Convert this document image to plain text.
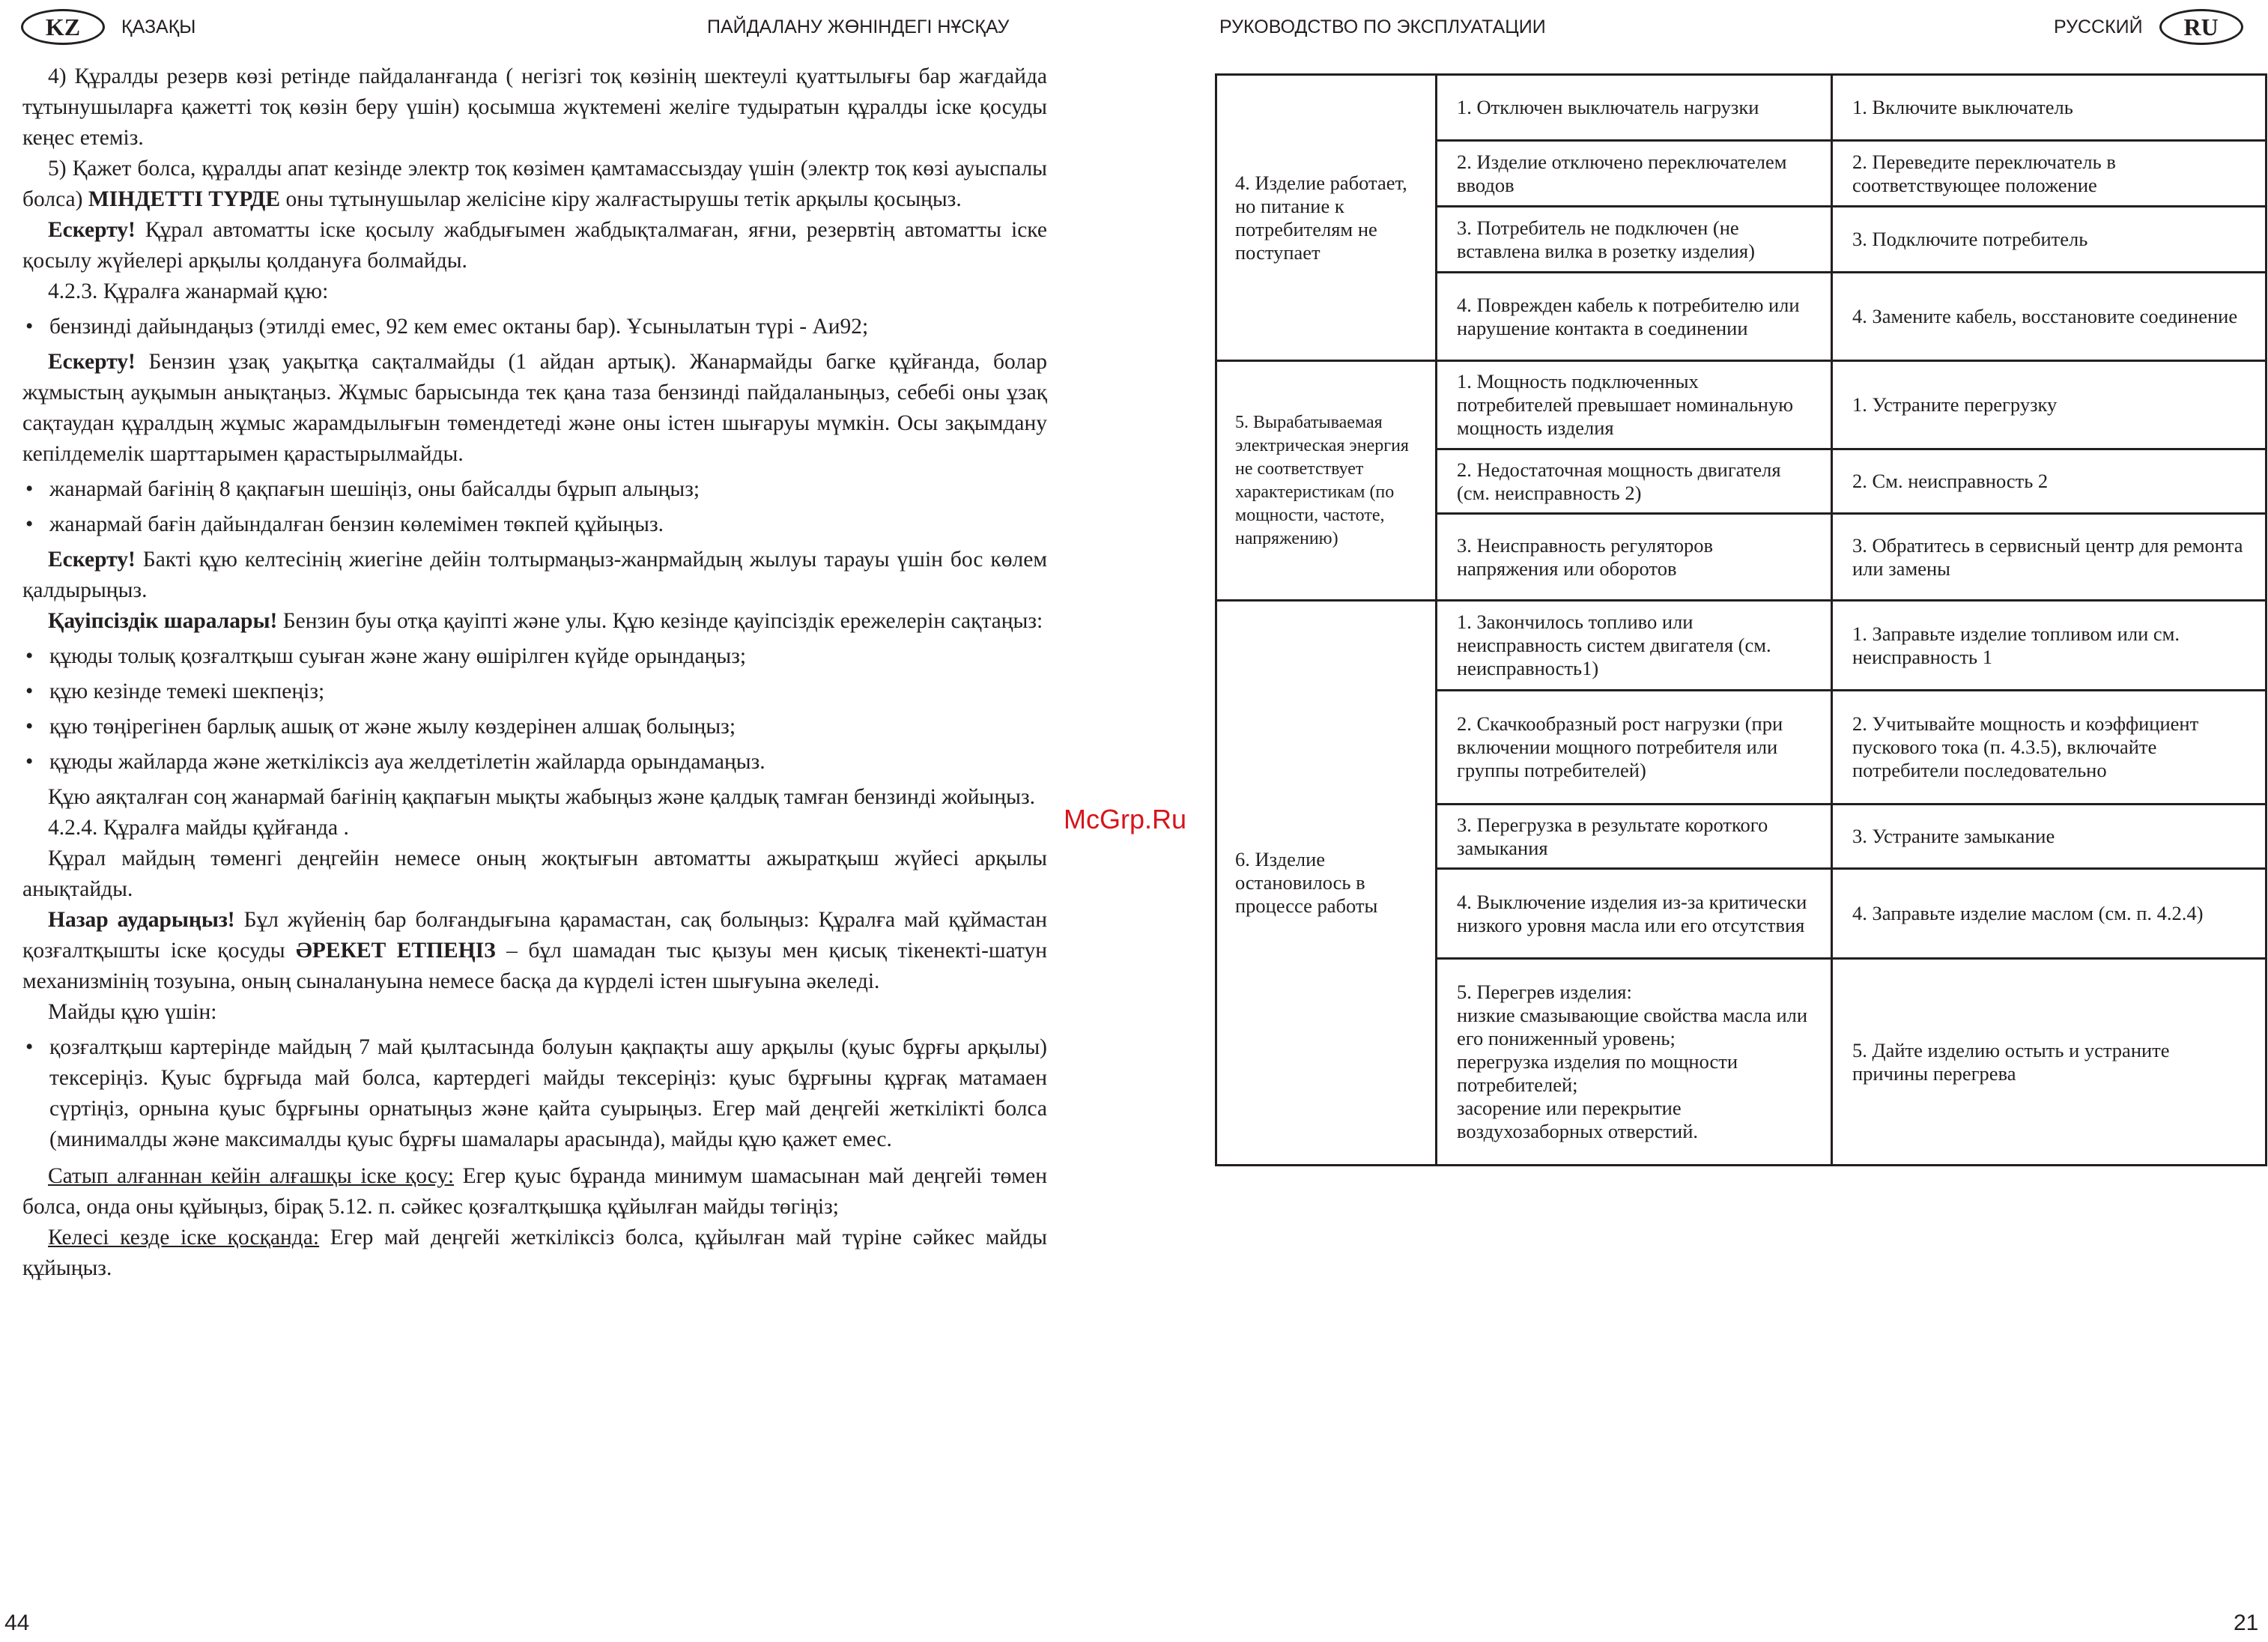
KZ	ҚАЗАҚЫ	ПАЙДАЛАНУ ЖӨНІНДЕГІ НҰСҚАУ	РУКОВОДСТВО ПО ЭКСПЛУАТАЦИИ	РУССКИЙ	RU

4) Құралды резерв көзі ретінде пайдаланғанда ( негізгі тоқ көзінің шектеулі қуаттылығы бар жағдайда тұтынушыларға қажетті тоқ көзін беру үшін) қосымша жүктемені желіге тудыратын құралды іске қосуды кеңес етеміз.

5) Қажет болса, құралды апат кезінде электр тоқ көзімен қамтамассыздау үшін (электр тоқ көзі ауыспалы болса) МІНДЕТТІ ТҮРДЕ оны тұтынушылар желісіне кіру жалғастырушы тетік арқылы қосыңыз.

Ескерту! Құрал автоматты іске қосылу жабдығымен жабдықталмаған, яғни, резервтің автоматты іске қосылу жүйелері арқылы қолдануға болмайды.

4.2.3. Құралға жанармай құю:

• бензинді дайындаңыз (этилді емес, 92 кем емес октаны бар). Ұсынылатын түрі - Аи92;

Ескерту! Бензин ұзақ уақытқа сақталмайды (1 айдан артық). Жанармайды багке құйғанда, болар жұмыстың ауқымын анықтаңыз. Жұмыс барысында тек қана таза бензинді пайдаланыңыз, себебі оны ұзақ сақтаудан құралдың жұмыс жарамдылығын төмендетеді және оны істен шығаруы мүмкін. Осы зақымдану кепілдемелік шарттарымен қарастырылмайды.

• жанармай бағінің 8 қақпағын шешіңіз, оны байсалды бұрып алыңыз;

• жанармай бағін дайындалған бензин көлемімен төкпей құйыңыз.

Ескерту! Бакті құю келтесінің жиегіне дейін толтырмаңыз-жанрмайдың жылуы тарауы үшін бос көлем қалдырыңыз.

Қауіпсіздік шаралары! Бензин буы отқа қауіпті және улы. Құю кезінде қауіпсіздік ережелерін сақтаңыз:

• құюды толық қозғалтқыш суыған және жану өшірілген күйде орындаңыз;

• құю кезінде темекі шекпеңіз;

• құю төңірегінен барлық ашық от және жылу көздерінен алшақ болыңыз;

• құюды жайларда және жеткіліксіз ауа желдетілетін жайларда орындамаңыз.

Құю аяқталған соң жанармай бағінің қақпағын мықты жабыңыз және қалдық тамған бензинді жойыңыз.

4.2.4. Құралға майды құйғанда .

Құрал майдың төменгі деңгейін немесе оның жоқтығын автоматты ажыратқыш жүйесі арқылы анықтайды.

Назар аударыңыз! Бұл жүйенің бар болғандығына қарамастан, сақ болыңыз: Құралға май құймастан қозғалтқышты іске қосуды ӘРЕКЕТ ЕТПЕҢІЗ – бұл шамадан тыс қызуы мен қисық тікенекті-шатун механизмінің тозуына, оның сыналануына немесе басқа да күрделі істен шығуына әкеледі.

Майды құю үшін:

• қозғалтқыш картерінде майдың 7 май қылтасында болуын қақпақты ашу арқылы (қуыс бұрғы арқылы) тексеріңіз. Қуыс бұрғыда май болса, картердегі майды тексеріңіз: қуыс бұрғыны құрғақ матамаен сүртіңіз, орнына қуыс бұрғыны орнатыңыз және қайта суырыңыз. Егер май деңгейі жеткілікті болса (минималды және максималды қуыс бұрғы шамалары арасында), майды құю қажет емес.

Сатып алғаннан кейін алғашқы іске қосу: Егер қуыс бұранда минимум шамасынан май деңгейі төмен болса, онда оны құйыңыз, бірақ 5.12. п. сәйкес қозғалтқышқа құйылған майды төгіңіз;

Келесі кезде іске қосқанда: Егер май деңгейі жеткіліксіз болса, құйылған май түріне сәйкес майды құйыңыз.

McGrp.Ru
4. Изделие работает, но питание к потребителям не поступает	1. Отключен выключатель нагрузки	1. Включите выключатель
	2. Изделие отключено переключателем вводов	2. Переведите переключатель в соответствующее положение
	3. Потребитель не подключен (не вставлена вилка в розетку изделия)	3. Подключите потребитель
	4. Поврежден кабель к потребителю или нарушение контакта в соединении	4. Замените кабель, восстановите соединение
5. Вырабатываемая электрическая энергия не соответствует характеристикам (по мощности, частоте, напряжению)	1. Мощность подключенных потребителей превышает номинальную мощность изделия	1. Устраните перегрузку
	2. Недостаточная мощность двигателя (см. неисправность 2)	2. См. неисправность 2
	3. Неисправность регуляторов напряжения или оборотов	3. Обратитесь в сервисный центр для ремонта или замены
6. Изделие остановилось в процессе работы	1. Закончилось топливо или неисправность систем двигателя (см. неисправность1)	1. Заправьте изделие топливом или см. неисправность 1
	2. Скачкообразный рост нагрузки (при включении мощного потребителя или группы потребителей)	2. Учитывайте мощность и коэффициент пускового тока (п. 4.3.5), включайте потребители последовательно
	3. Перегрузка в результате короткого замыкания	3. Устраните замыкание
	4. Выключение изделия из-за критически низкого уровня масла или его отсутствия	4. Заправьте изделие маслом (см. п. 4.2.4)
	5. Перегрев изделия:
низкие смазывающие свойства масла или его пониженный уровень;
перегрузка изделия по мощности потребителей;
засорение или перекрытие воздухозаборных отверстий.	5. Дайте изделию остыть и устраните причины перегрева
44	21
